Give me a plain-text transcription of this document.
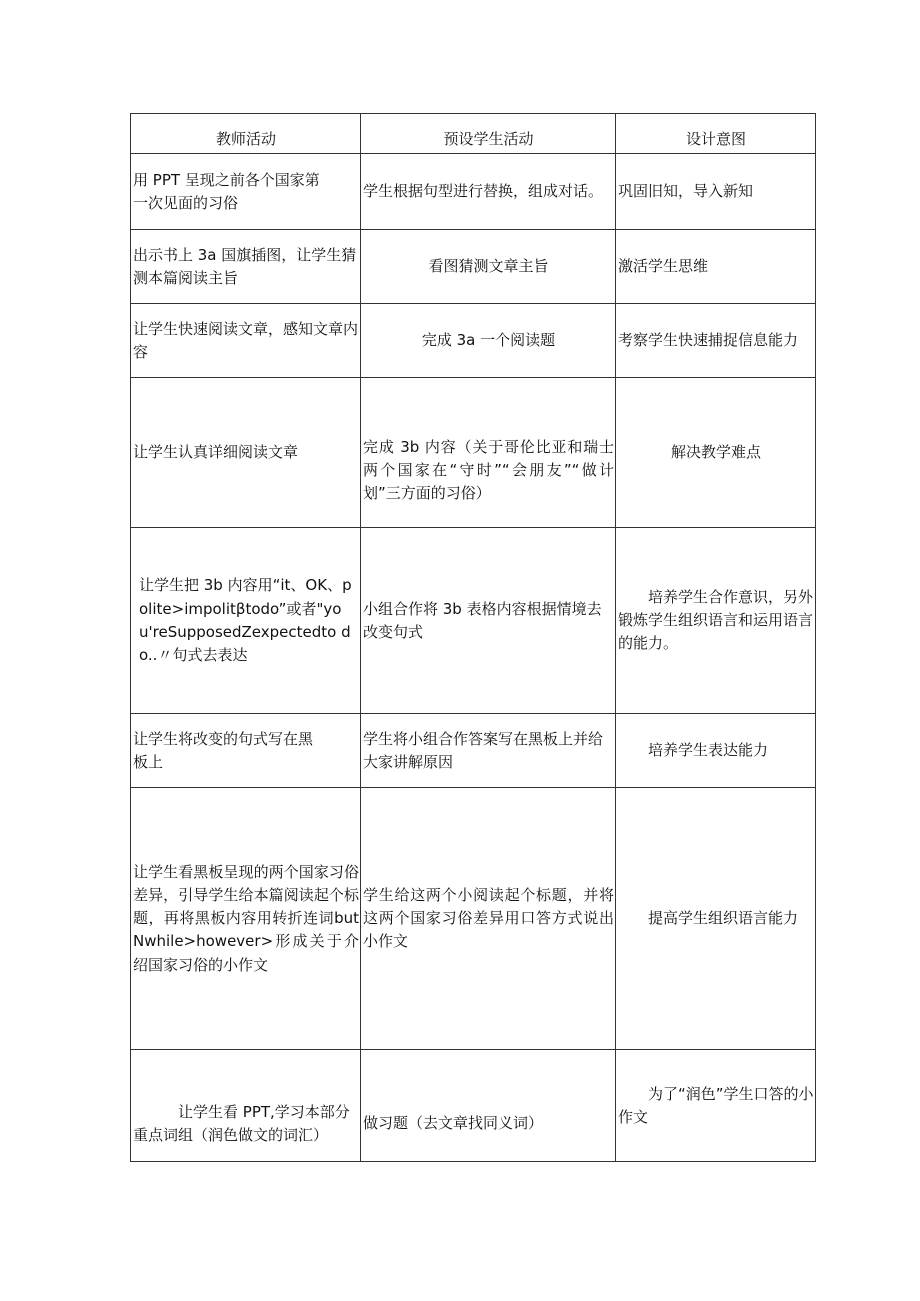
教师活动	预设学生活动	设计意图
用 PPT 呈现之前各个国家第一次见面的习俗	学生根据句型进行替换，组成对话。	巩固旧知，导入新知
出示书上 3a 国旗插图，让学生猜测本篇阅读主旨	看图猜测文章主旨	激活学生思维
让学生快速阅读文章，感知文章内容	完成 3a 一个阅读题	考察学生快速捕捉信息能力
让学生认真详细阅读文章	完成 3b 内容（关于哥伦比亚和瑞士两个国家在“守时”“会朋友”“做计划”三方面的习俗）	解决教学难点
让学生把 3b 内容用“it、OK、polite>impolitβtodo”或者"you'reSupposedZexpectedto do..〃句式去表达	小组合作将 3b 表格内容根据情境去改变句式	培养学生合作意识，另外锻炼学生组织语言和运用语言的能力。
让学生将改变的句式写在黑板上	学生将小组合作答案写在黑板上并给大家讲解原因	培养学生表达能力
让学生看黑板呈现的两个国家习俗差异，引导学生给本篇阅读起个标题，再将黑板内容用转折连词butNwhile>however>形成关于介绍国家习俗的小作文	学生给这两个小阅读起个标题，并将这两个国家习俗差异用口答方式说出小作文	提高学生组织语言能力
让学生看 PPT,学习本部分重点词组（润色做文的词汇）	做习题（去文章找同义词）	为了“润色”学生口答的小作文
